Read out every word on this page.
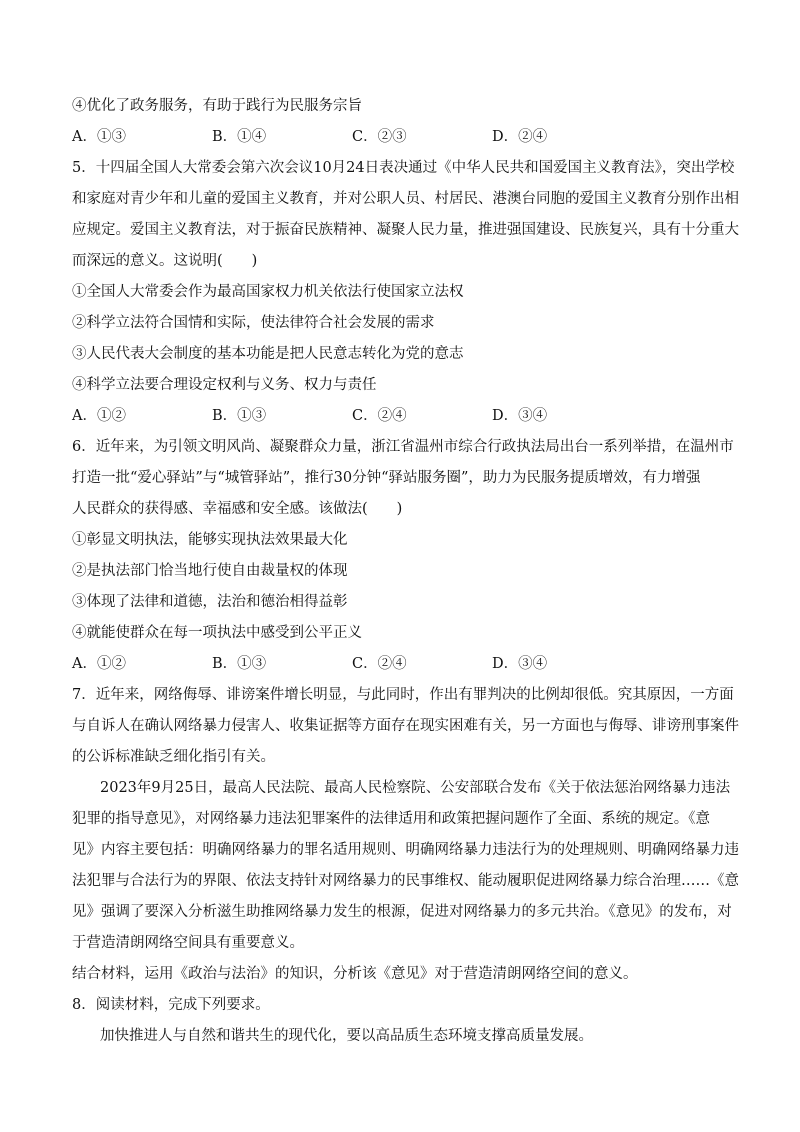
④优化了政务服务，有助于践行为民服务宗旨
A．①③	B．①④	C．②③	D．②④
5．十四届全国人大常委会第六次会议10月24日表决通过《中华人民共和国爱国主义教育法》，突出学校
和家庭对青少年和儿童的爱国主义教育，并对公职人员、村居民、港澳台同胞的爱国主义教育分别作出相
应规定。爱国主义教育法，对于振奋民族精神、凝聚人民力量，推进强国建设、民族复兴，具有十分重大
而深远的意义。这说明(　　)
①全国人大常委会作为最高国家权力机关依法行使国家立法权
②科学立法符合国情和实际，使法律符合社会发展的需求
③人民代表大会制度的基本功能是把人民意志转化为党的意志
④科学立法要合理设定权利与义务、权力与责任
A．①②	B．①③	C．②④	D．③④
6．近年来，为引领文明风尚、凝聚群众力量，浙江省温州市综合行政执法局出台一系列举措，在温州市
打造一批“爱心驿站”与“城管驿站”，推行30分钟“驿站服务圈”，助力为民服务提质增效，有力增强
人民群众的获得感、幸福感和安全感。该做法(　　)
①彰显文明执法，能够实现执法效果最大化
②是执法部门恰当地行使自由裁量权的体现
③体现了法律和道德，法治和德治相得益彰
④就能使群众在每一项执法中感受到公平正义
A．①②	B．①③	C．②④	D．③④
7．近年来，网络侮辱、诽谤案件增长明显，与此同时，作出有罪判决的比例却很低。究其原因，一方面
与自诉人在确认网络暴力侵害人、收集证据等方面存在现实困难有关，另一方面也与侮辱、诽谤刑事案件
的公诉标准缺乏细化指引有关。
2023年9月25日，最高人民法院、最高人民检察院、公安部联合发布《关于依法惩治网络暴力违法
犯罪的指导意见》，对网络暴力违法犯罪案件的法律适用和政策把握问题作了全面、系统的规定。《意
见》内容主要包括：明确网络暴力的罪名适用规则、明确网络暴力违法行为的处理规则、明确网络暴力违
法犯罪与合法行为的界限、依法支持针对网络暴力的民事维权、能动履职促进网络暴力综合治理……《意
见》强调了要深入分析滋生助推网络暴力发生的根源，促进对网络暴力的多元共治。《意见》的发布，对
于营造清朗网络空间具有重要意义。
结合材料，运用《政治与法治》的知识，分析该《意见》对于营造清朗网络空间的意义。
8．阅读材料，完成下列要求。
加快推进人与自然和谐共生的现代化，要以高品质生态环境支撑高质量发展。
